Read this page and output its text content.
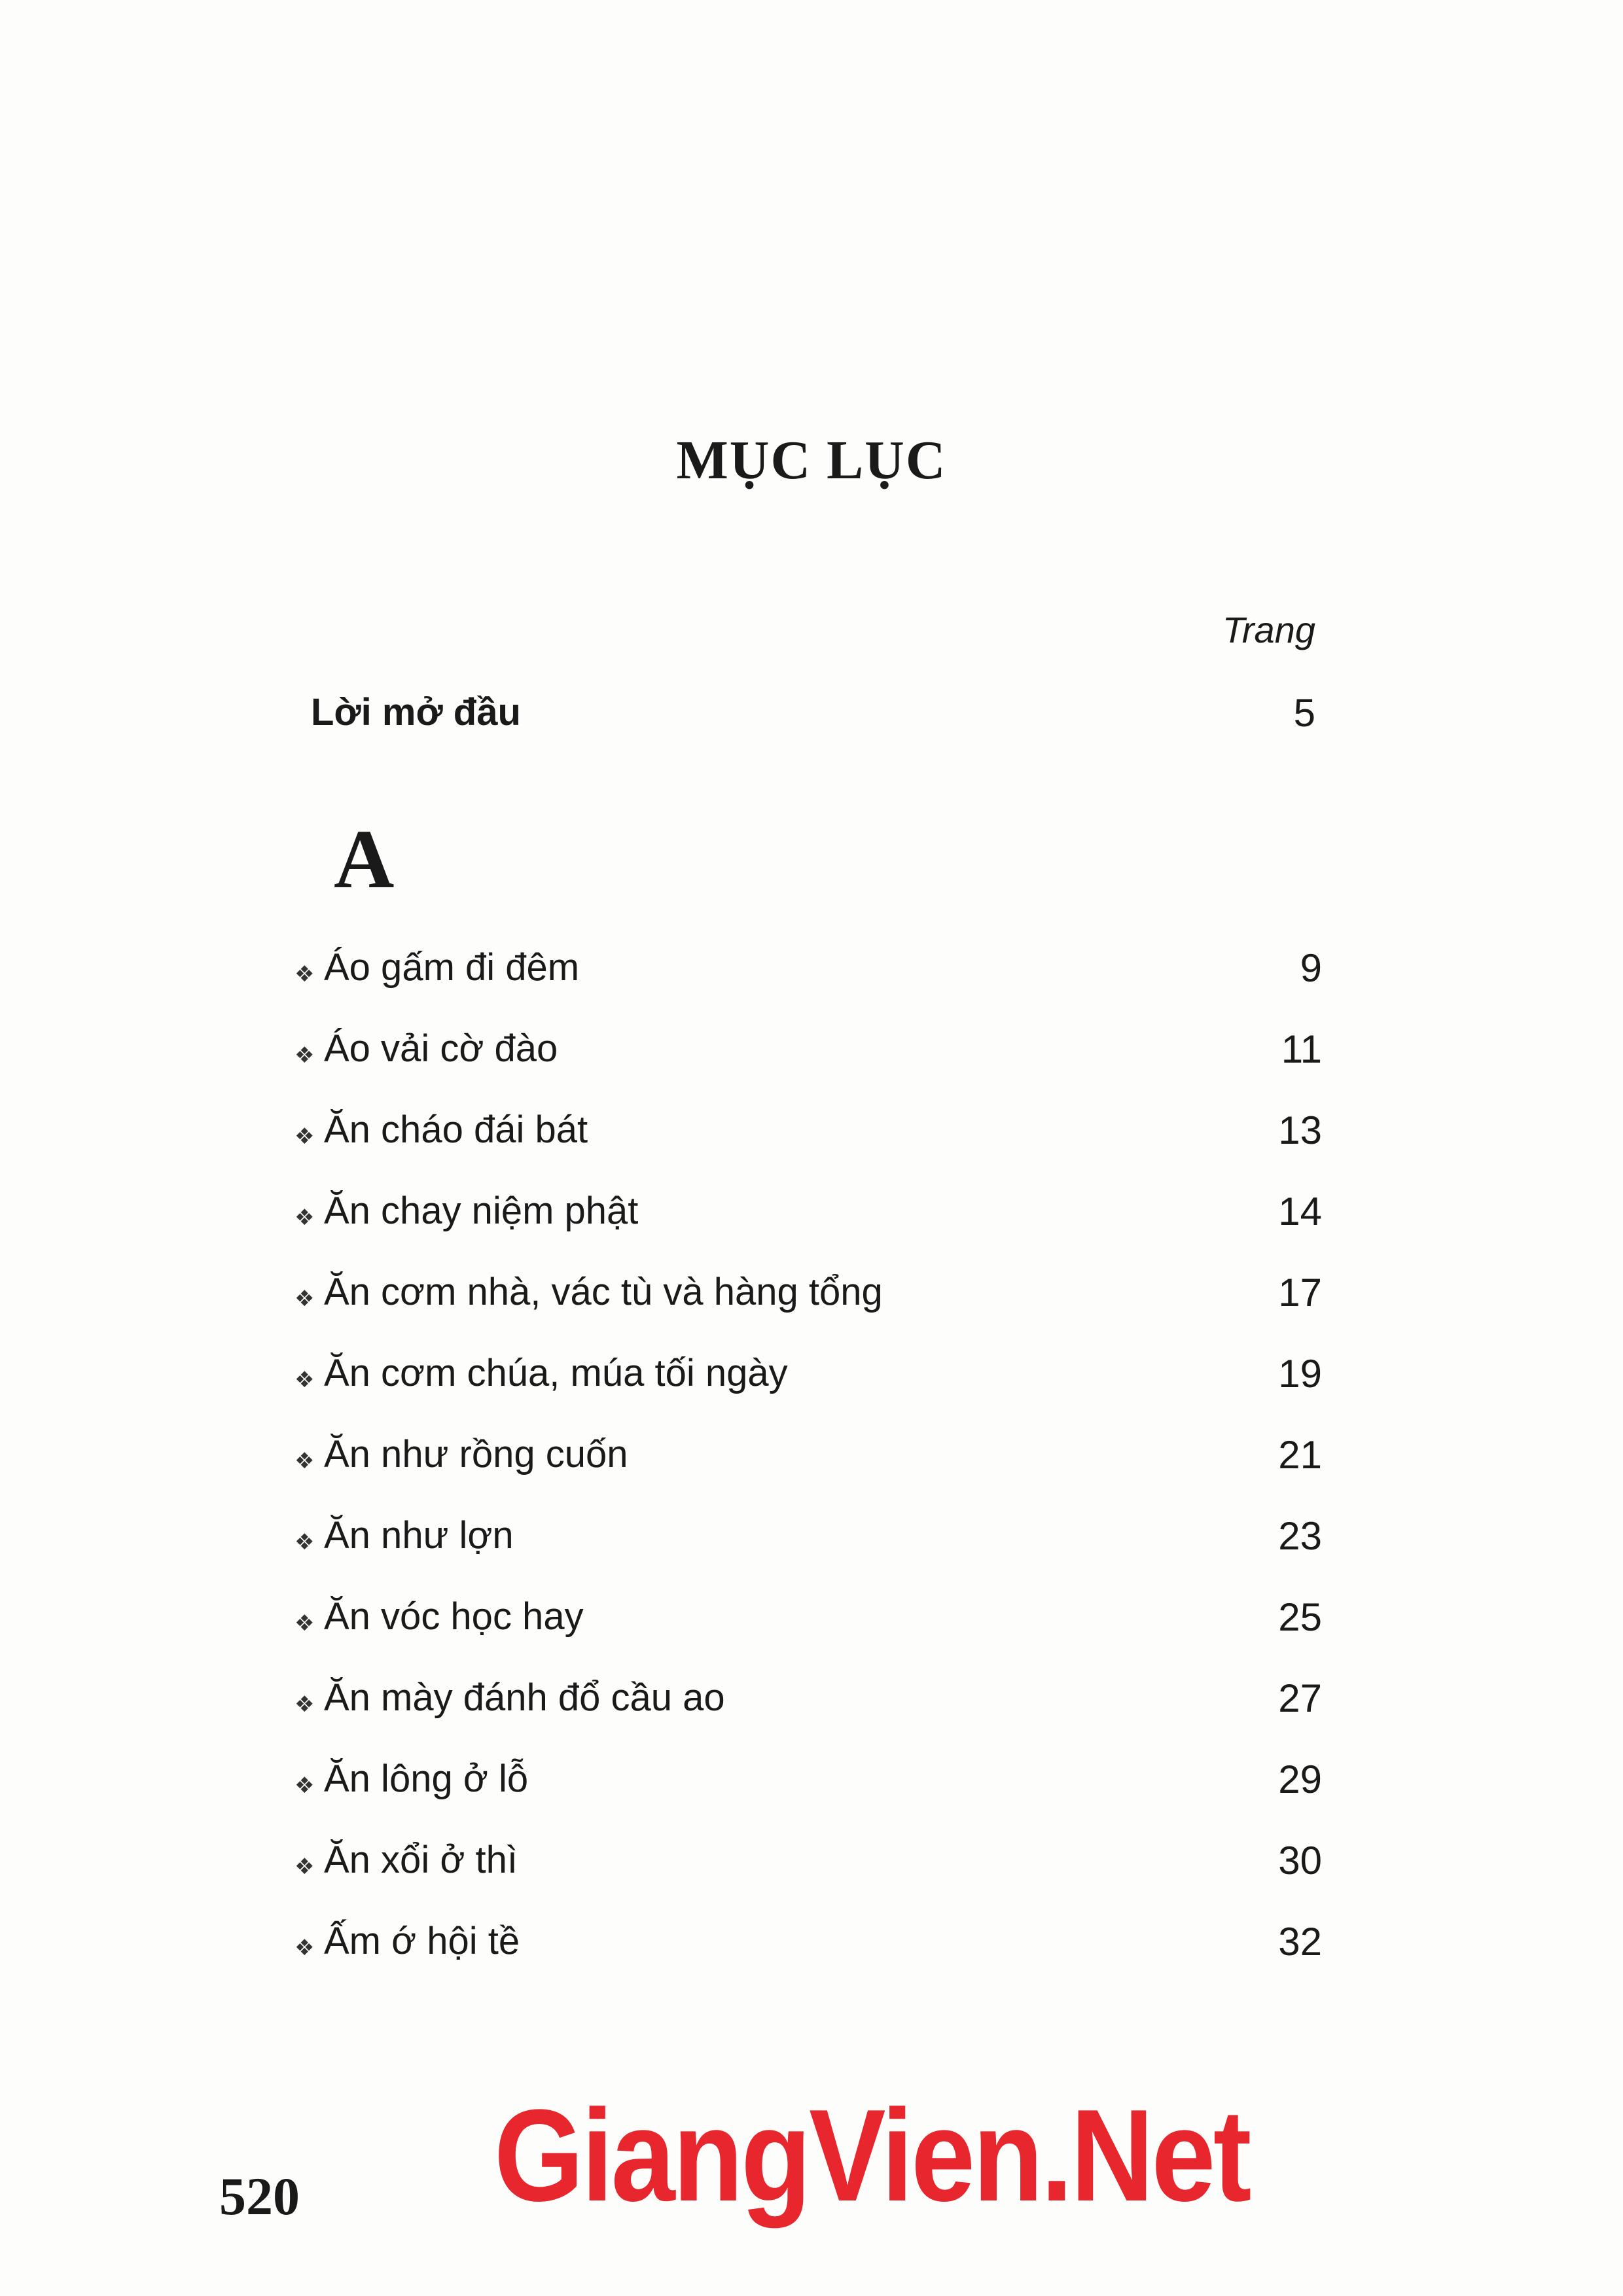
MỤC LỤC
Trang
Lời mở đầu	5
A
❖ Áo gấm đi đêm	9
❖ Áo vải cờ đào	11
❖ Ăn cháo đái bát	13
❖ Ăn chay niệm phật	14
❖ Ăn cơm nhà, vác tù và hàng tổng	17
❖ Ăn cơm chúa, múa tối ngày	19
❖ Ăn như rồng cuốn	21
❖ Ăn như lợn	23
❖ Ăn vóc học hay	25
❖ Ăn mày đánh đổ cầu ao	27
❖ Ăn lông ở lỗ	29
❖ Ăn xổi ở thì	30
❖ Ấm ớ hội tề	32
520 GiangVien.Net
